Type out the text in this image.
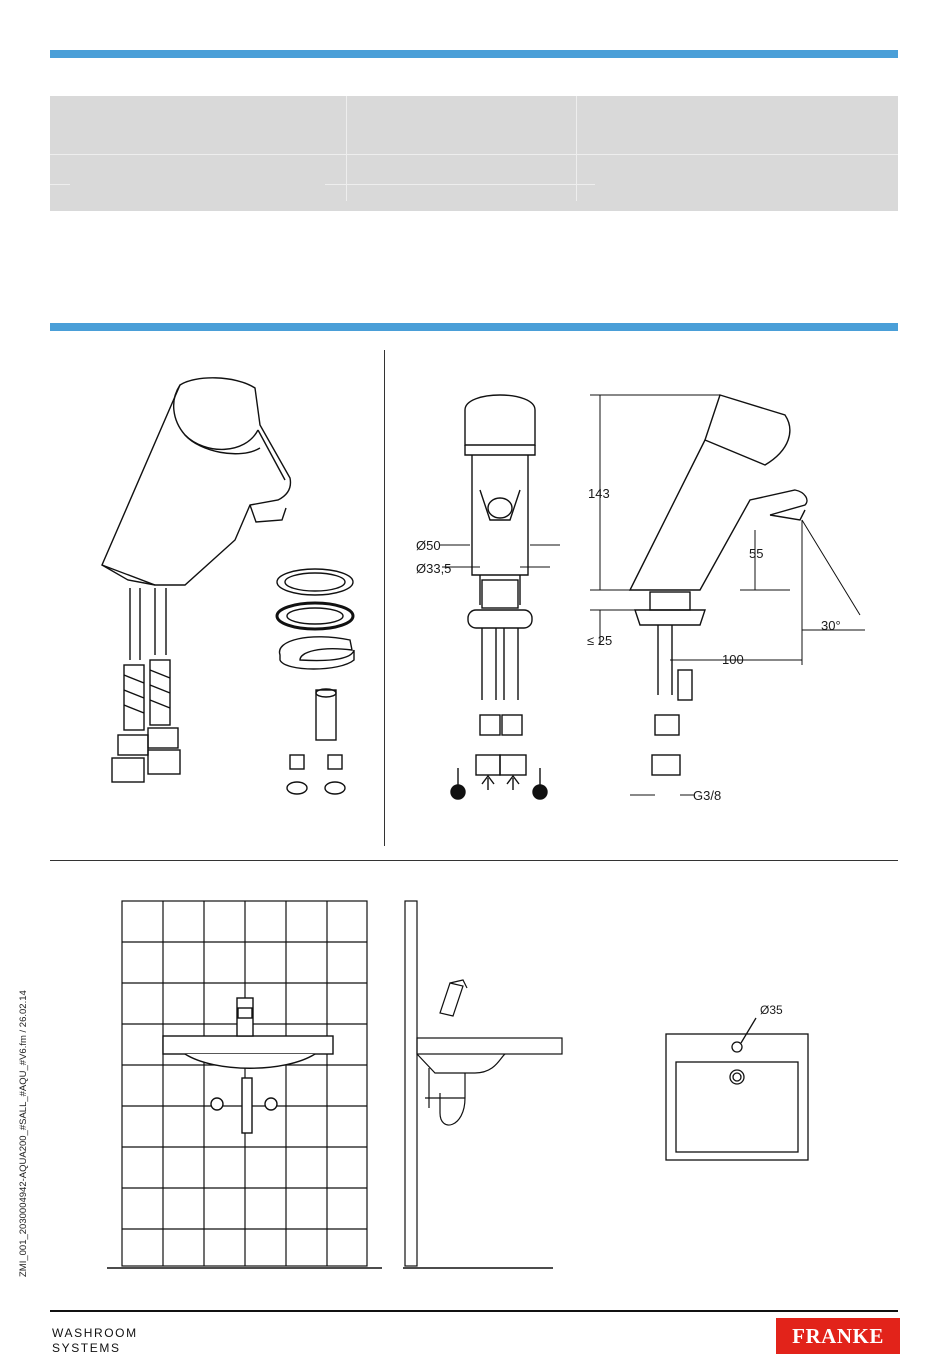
Ø50
Ø33,5
143
55
≤ 25
100
30°
G3/8
Ø35
ZMI_001_2030004942-AQUA200_#SALL_#AQU_#V6.fm / 26.02.14
WASHROOM
SYSTEMS	FRANKE
